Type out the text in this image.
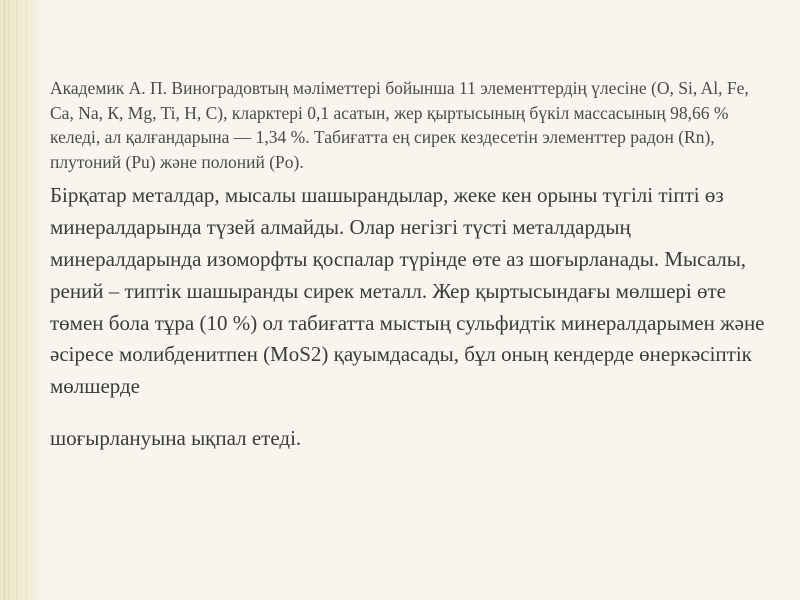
Академик А. П. Виноградовтың мәліметтері бойынша 11 элементтердің үлесіне (O, Si, Al, Fe, Ca, Na, К, Mg, Ti, H, C), кларктері 0,1 асатын, жер қыртысының бүкіл массасының 98,66 % келеді, ал қалғандарына — 1,34 %. Табиғатта ең сирек кездесетін элементтер радон (Rn), плутоний (Pu) және полоний (Po).

Бірқатар металдар, мысалы шашырандылар, жеке кен орыны түгілі тіпті өз минералдарында түзей алмайды. Олар негізгі түсті металдардың минералдарында изоморфты қоспалар түрінде өте аз шоғырланады. Мысалы, рений – типтік шашыранды сирек металл. Жер қыртысындағы мөлшері өте төмен бола тұра (10 %) ол табиғатта мыстың сульфидтік минералдарымен және әсіресе молибденитпен (MoS2) қауымдасады, бұл оның кендерде өнеркәсіптік мөлшерде

шоғырлануына ықпал етеді.
